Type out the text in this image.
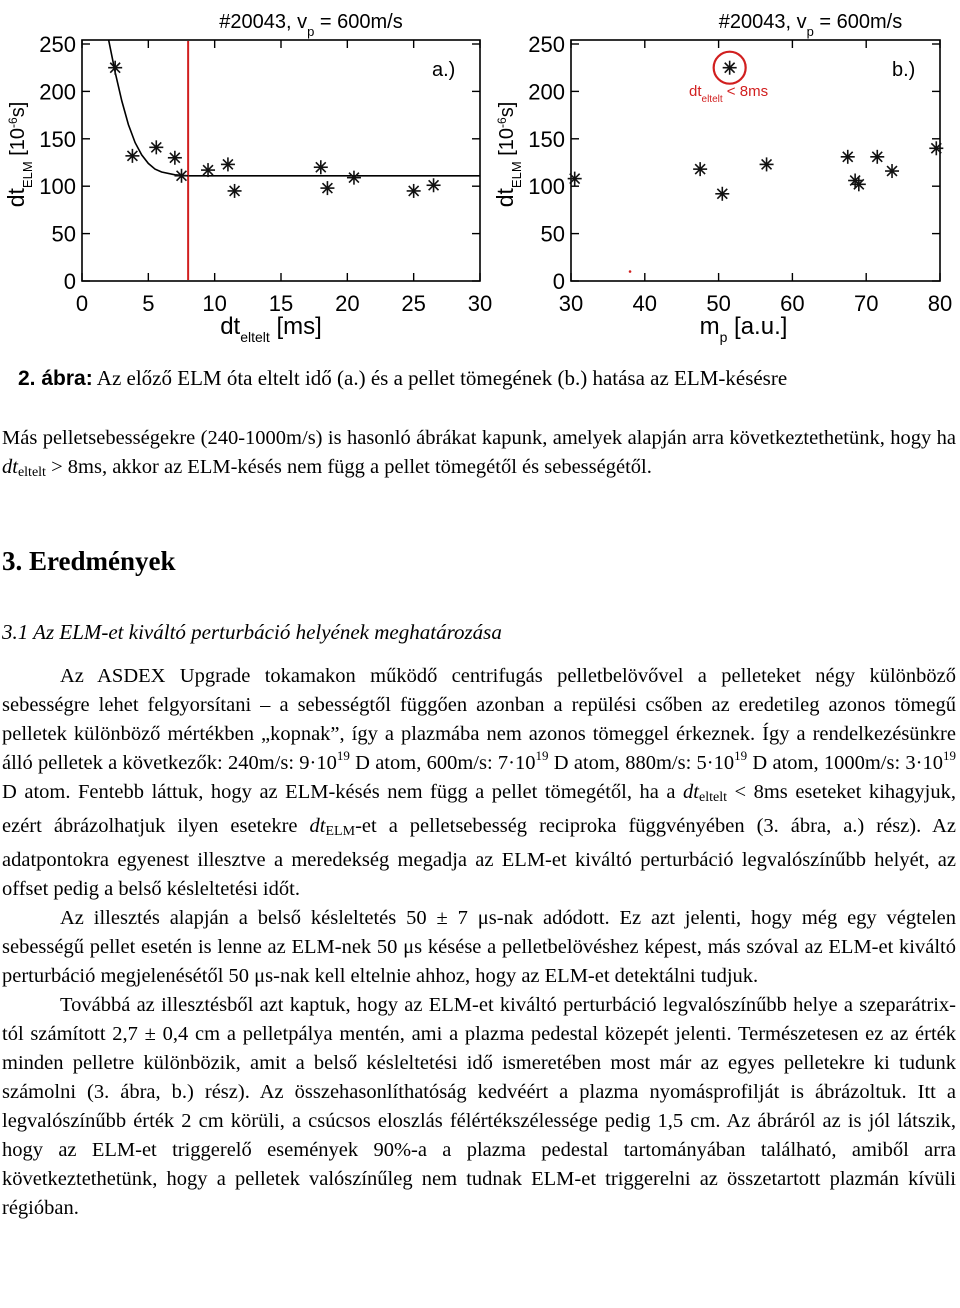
0 5 10 15 20 25 30
0
50
100
150
200
250
#20043, $v_p = 600m/s$
a.)
$dt_{ELM}$ $[10^{-6}s]$
$dt_{eltelt}$ [ms]
30 40 50 60 70 80
0
50
100
150
200
250
#20043, $v_p = 600m/s$
b.)
$dt_{ELM}$ $[10^{-6}s]$
$m_p$ [a.u.]
$dt_{eltelt} < 8ms$
2. ábra: Az előző ELM óta eltelt idő (a.) és a pellet tömegének (b.) hatása az ELM-késésre
Más pelletsebességekre (240-1000m/s) is hasonló ábrákat kapunk, amelyek alapján arra következtethetünk, hogy ha $dt_{eltelt} > 8ms$, akkor az ELM-késés nem függ a pellet tömegétől és sebességétől.
3. Eredmények
3.1 Az ELM-et kiváltó perturbáció helyének meghatározása

Az ASDEX Upgrade tokamakon működő centrifugás pelletbelövővel a pelleteket négy különböző sebességre lehet felgyorsítani – a sebességtől függően azonban a repülési csőben az eredetileg azonos tömegű pelletek különböző mértékben „kopnak”, így a plazmába nem azonos tömeggel érkeznek. Így a rendelkezésünkre álló pelletek a következők: 240m/s: $9\cdot 10^{19}$ D atom, 600m/s: $7\cdot 10^{19}$ D atom, 880m/s: $5\cdot 10^{19}$ D atom, 1000m/s: $3\cdot 10^{19}$ D atom. Fentebb láttuk, hogy az ELM-késés nem függ a pellet tömegétől, ha a $dt_{eltelt} < 8ms$ eseteket kihagyjuk, ezért ábrázolhatjuk ilyen esetekre $dt_{ELM}-et$ a pelletsebesség reciproka függvényében (3. ábra, a.) rész). Az adatpontokra egyenest illesztve a meredekség megadja az ELM-et kiváltó perturbáció legvalószínűbb helyét, az offset pedig a belső késleltetési időt.

Az illesztés alapján a belső késleltetés 50 ± 7 μs-nak adódott. Ez azt jelenti, hogy még egy végtelen sebességű pellet esetén is lenne az ELM-nek 50 μs késése a pelletbelövéshez képest, más szóval az ELM-et kiváltó perturbáció megjelenésétől 50 μs-nak kell eltelnie ahhoz, hogy az ELM-et detektálni tudjuk.

Továbbá az illesztésből azt kaptuk, hogy az ELM-et kiváltó perturbáció legvalószínűbb helye a szeparátrix-tól számított 2,7 ± 0,4 cm a pelletpálya mentén, ami a plazma pedestal közepét jelenti. Természetesen ez az érték minden pelletre különbözik, amit a belső késleltetési idő ismeretében most már az egyes pelletekre ki tudunk számolni (3. ábra, b.) rész). Az összehasonlíthatóság kedvéért a plazma nyomásprofilját is ábrázoltuk. Itt a legvalószínűbb érték 2 cm körüli, a csúcsos eloszlás félértékszélessége pedig 1,5 cm. Az ábráról az is jól látszik, hogy az ELM-et triggerelő események 90%-a a plazma pedestal tartományában található, amiből arra következtethetünk, hogy a pelletek valószínűleg nem tudnak ELM-et triggerelni az összetartott plazmán kívüli régióban.
